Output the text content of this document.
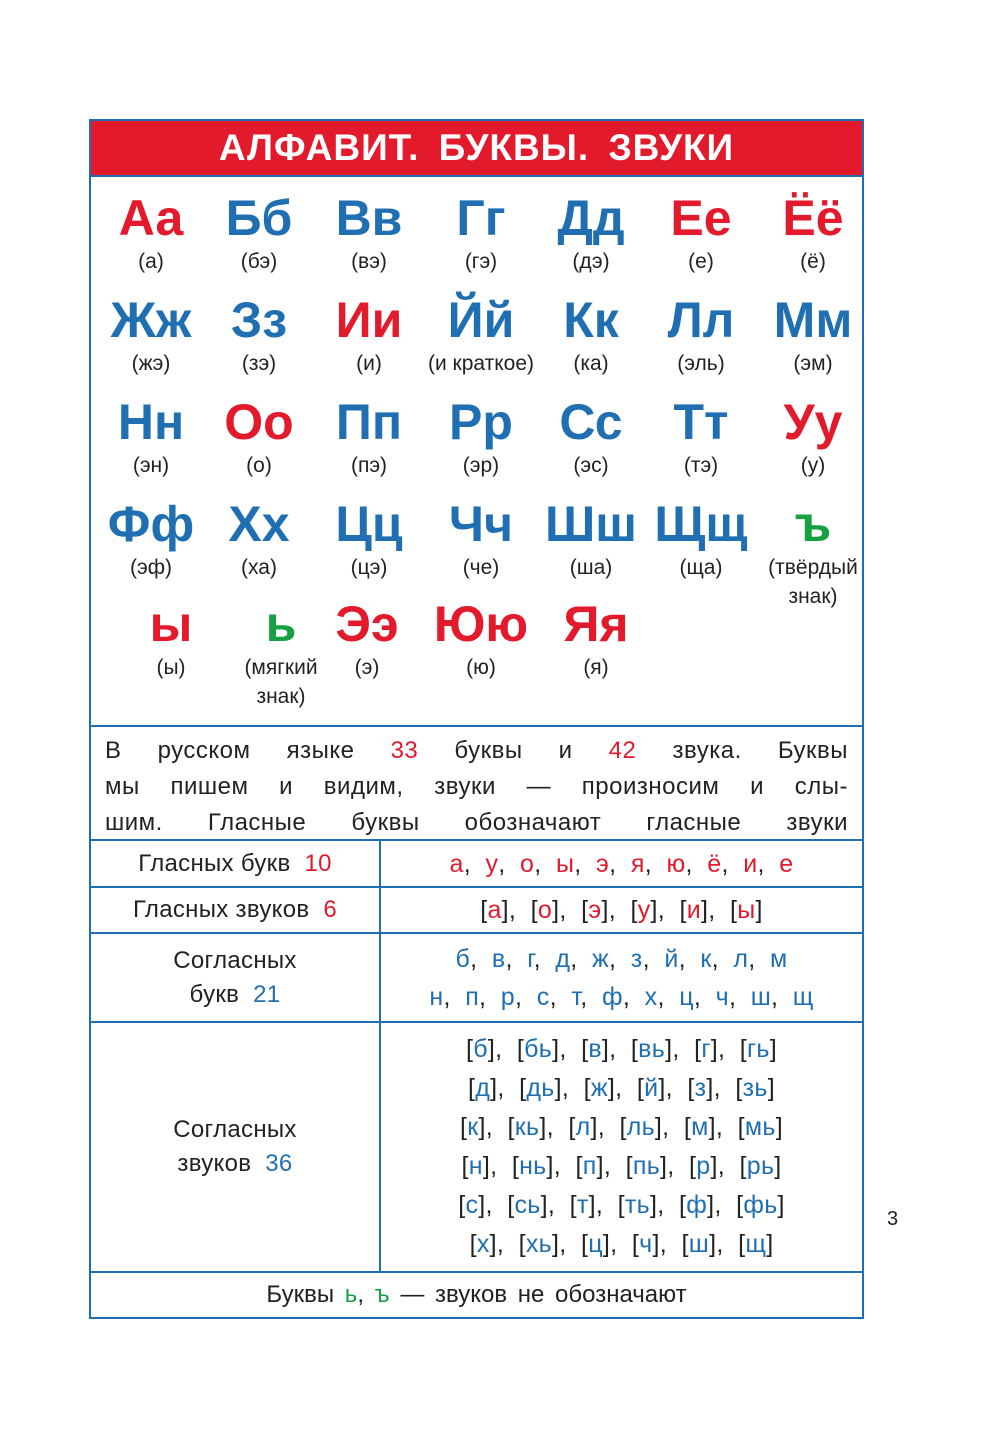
АЛФАВИТ. БУКВЫ. ЗВУКИ
Аа
(а)
Бб
(бэ)
Вв
(вэ)
Гг
(гэ)
Дд
(дэ)
Ее
(е)
Ёё
(ё)
Жж
(жэ)
Зз
(зэ)
Ии
(и)
Йй
(и краткое)
Кк
(ка)
Лл
(эль)
Мм
(эм)
Нн
(эн)
Оо
(о)
Пп
(пэ)
Рр
(эр)
Сс
(эс)
Тт
(тэ)
Уу
(у)
Фф
(эф)
Хх
(ха)
Цц
(цэ)
Чч
(че)
Шш
(ша)
Щщ
(ща)
ъ
(твёрдый знак)
ы
(ы)
ь
(мягкий знак)
Ээ
(э)
Юю
(ю)
Яя
(я)

В русском языке 33 буквы и 42 звука. Буквы

мы пишем и видим, звуки — произносим и слы-

шим. Гласные буквы обозначают гласные звуки

Гласных букв
10	а , у , о , ы , э , я , ю , ё , и , е
Гласных звуков
6	[ а ] , [ о ] , [ э ] , [ у ] , [ и ] , [ ы ]
Согласных
букв 21
б,  в,  г,  д,  ж,  з,  й,  к,  л,  м
н,  п,  р,  с,  т,  ф,  х,  ц,  ч,  ш,  щ
Согласных
звуков 36
[б],  [бь],  [в],  [вь],  [г],  [гь]
[д],  [дь],  [ж],  [й],  [з],  [зь]
[к],  [кь],  [л],  [ль],  [м],  [мь]
[н],  [нь],  [п],  [пь],  [р],  [рь]
[с],  [сь],  [т],  [ть],  [ф],  [фь]
[х],  [хь],  [ц],  [ч],  [ш],  [щ]
Буквы
ь ,
ъ
— звуков не обозначают
3
